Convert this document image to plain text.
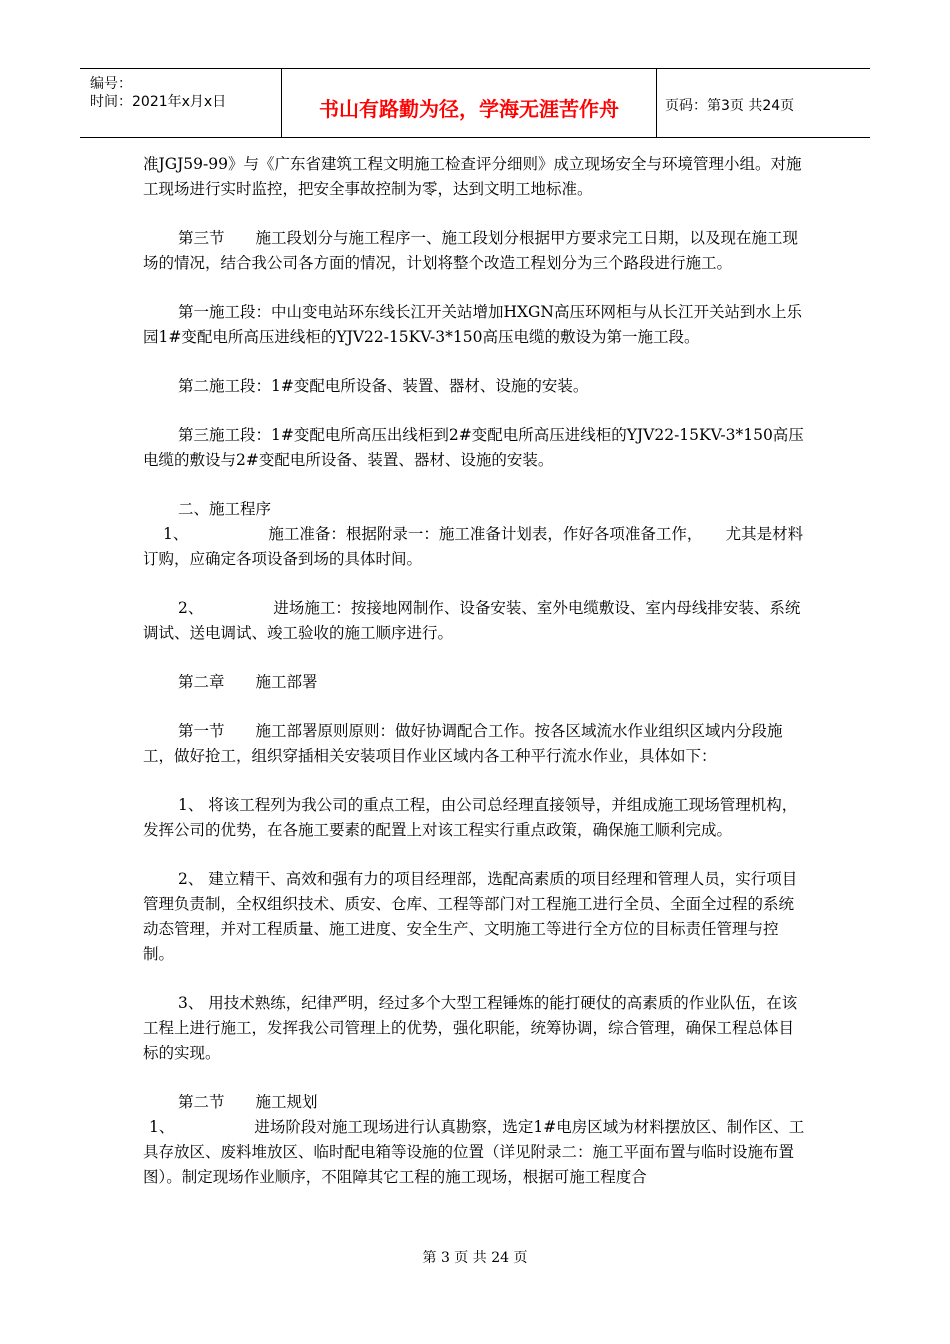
编号：
时间：2021年x月x日	书山有路勤为径，学海无涯苦作舟	页码：第3页 共24页

准JGJ59-99》与《广东省建筑工程文明施工检查评分细则》成立现场安全与环境管理小组。对施工现场进行实时监控，把安全事故控制为零，达到文明工地标准。

第三节　　施工段划分与施工程序一、施工段划分根据甲方要求完工日期，以及现在施工现场的情况，结合我公司各方面的情况，计划将整个改造工程划分为三个路段进行施工。

第一施工段：中山变电站环东线长江开关站增加HXGN高压环网柜与从长江开关站到水上乐园1#变配电所高压进线柜的YJV22-15KV-3*150高压电缆的敷设为第一施工段。

第二施工段：1#变配电所设备、装置、器材、设施的安装。

第三施工段：1#变配电所高压出线柜到2#变配电所高压进线柜的YJV22-15KV-3*150高压电缆的敷设与2#变配电所设备、装置、器材、设施的安装。

二、施工程序

1、	施工准备：根据附录一：施工准备计划表，作好各项准备工作，　　尤其是材料订购，应确定各项设备到场的具体时间。

2、	进场施工：按接地网制作、设备安装、室外电缆敷设、室内母线排安装、系统调试、送电调试、竣工验收的施工顺序进行。

第二章　　施工部署

第一节　　施工部署原则原则：做好协调配合工作。按各区域流水作业组织区域内分段施工，做好抢工，组织穿插相关安装项目作业区域内各工种平行流水作业，具体如下：

1、 将该工程列为我公司的重点工程，由公司总经理直接领导，并组成施工现场管理机构，发挥公司的优势，在各施工要素的配置上对该工程实行重点政策，确保施工顺利完成。

2、 建立精干、高效和强有力的项目经理部，选配高素质的项目经理和管理人员，实行项目管理负责制，全权组织技术、质安、仓库、工程等部门对工程施工进行全员、全面全过程的系统动态管理，并对工程质量、施工进度、安全生产、文明施工等进行全方位的目标责任管理与控制。

3、 用技术熟练，纪律严明，经过多个大型工程锤炼的能打硬仗的高素质的作业队伍，在该工程上进行施工，发挥我公司管理上的优势，强化职能，统筹协调，综合管理，确保工程总体目标的实现。

第二节　　施工规划

1、	进场阶段对施工现场进行认真勘察，选定1#电房区域为材料摆放区、制作区、工具存放区、废料堆放区、临时配电箱等设施的位置（详见附录二：施工平面布置与临时设施布置图）。制定现场作业顺序，不阻障其它工程的施工现场，根据可施工程度合

第 3 页 共 24 页
